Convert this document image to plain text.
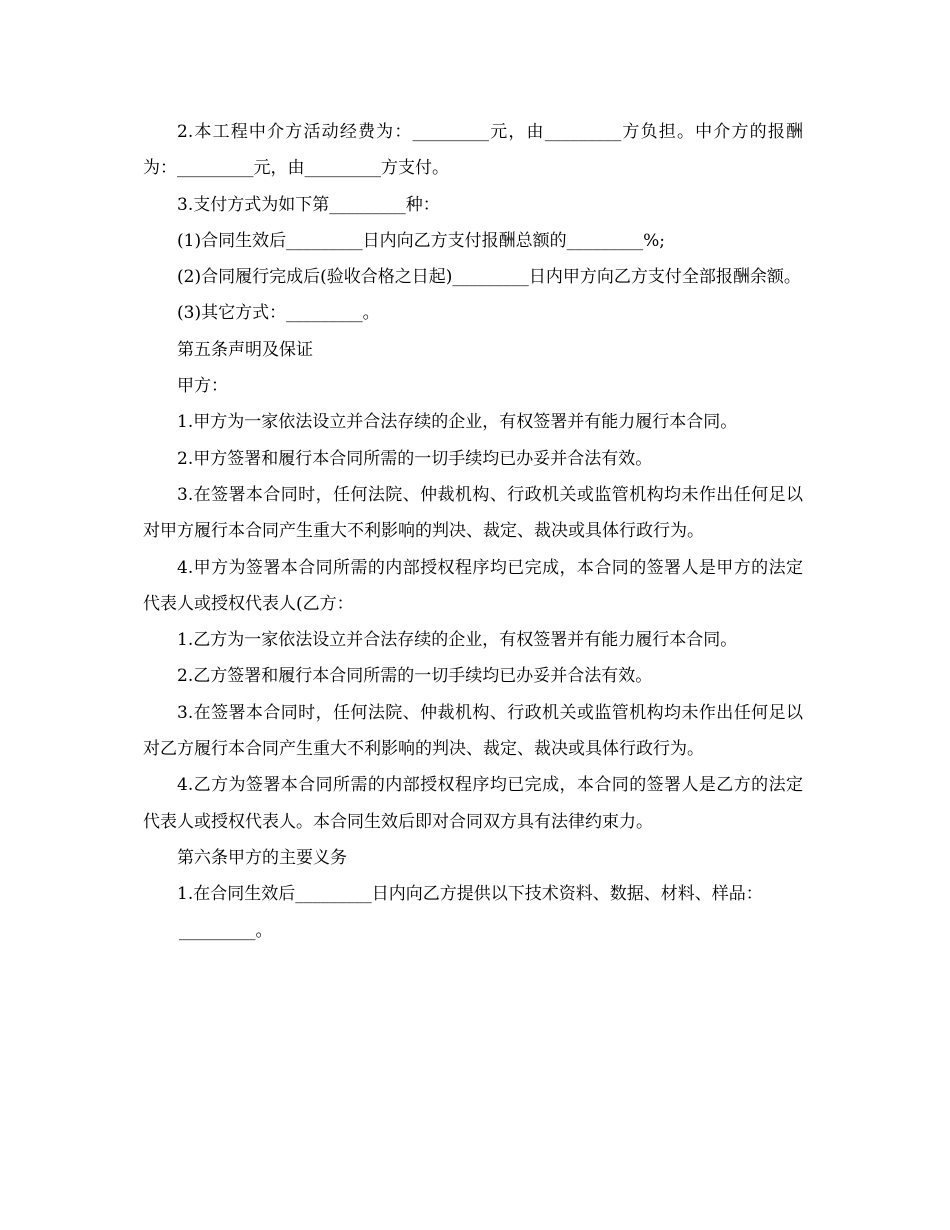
2.本工程中介方活动经费为：_________元，由_________方负担。中介方的报酬为：_________元，由_________方支付。

3.支付方式为如下第_________种：

(1)合同生效后_________日内向乙方支付报酬总额的_________%;

(2)合同履行完成后(验收合格之日起)_________日内甲方向乙方支付全部报酬余额。

(3)其它方式：_________。

第五条声明及保证

甲方：

1.甲方为一家依法设立并合法存续的企业，有权签署并有能力履行本合同。

2.甲方签署和履行本合同所需的一切手续均已办妥并合法有效。

3.在签署本合同时，任何法院、仲裁机构、行政机关或监管机构均未作出任何足以对甲方履行本合同产生重大不利影响的判决、裁定、裁决或具体行政行为。

4.甲方为签署本合同所需的内部授权程序均已完成，本合同的签署人是甲方的法定代表人或授权代表人(乙方：

1.乙方为一家依法设立并合法存续的企业，有权签署并有能力履行本合同。

2.乙方签署和履行本合同所需的一切手续均已办妥并合法有效。

3.在签署本合同时，任何法院、仲裁机构、行政机关或监管机构均未作出任何足以对乙方履行本合同产生重大不利影响的判决、裁定、裁决或具体行政行为。

4.乙方为签署本合同所需的内部授权程序均已完成，本合同的签署人是乙方的法定代表人或授权代表人。本合同生效后即对合同双方具有法律约束力。

第六条甲方的主要义务

1.在合同生效后_________日内向乙方提供以下技术资料、数据、材料、样品：

_________。
